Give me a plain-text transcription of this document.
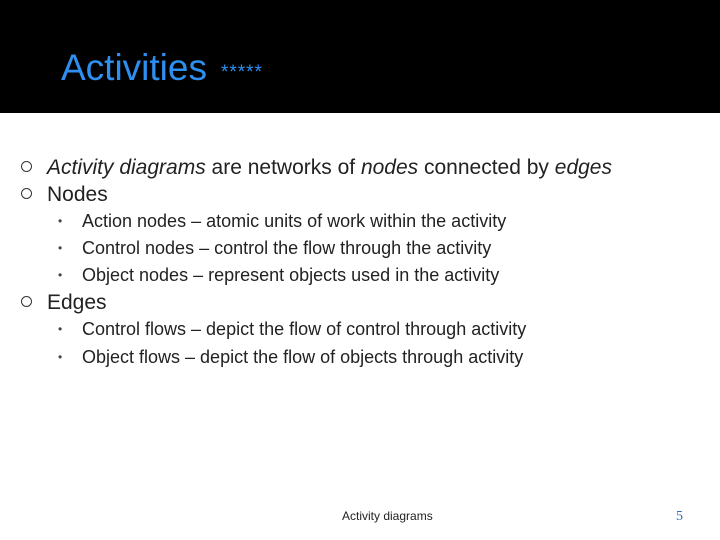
Activities *****
Activity diagrams are networks of nodes connected by edges
Nodes
• Action nodes – atomic units of work within the activity
• Control nodes – control the flow through the activity
• Object nodes – represent objects used in the activity
Edges
• Control flows – depict the flow of control through activity
• Object flows – depict the flow of objects through activity
Activity diagrams	5
